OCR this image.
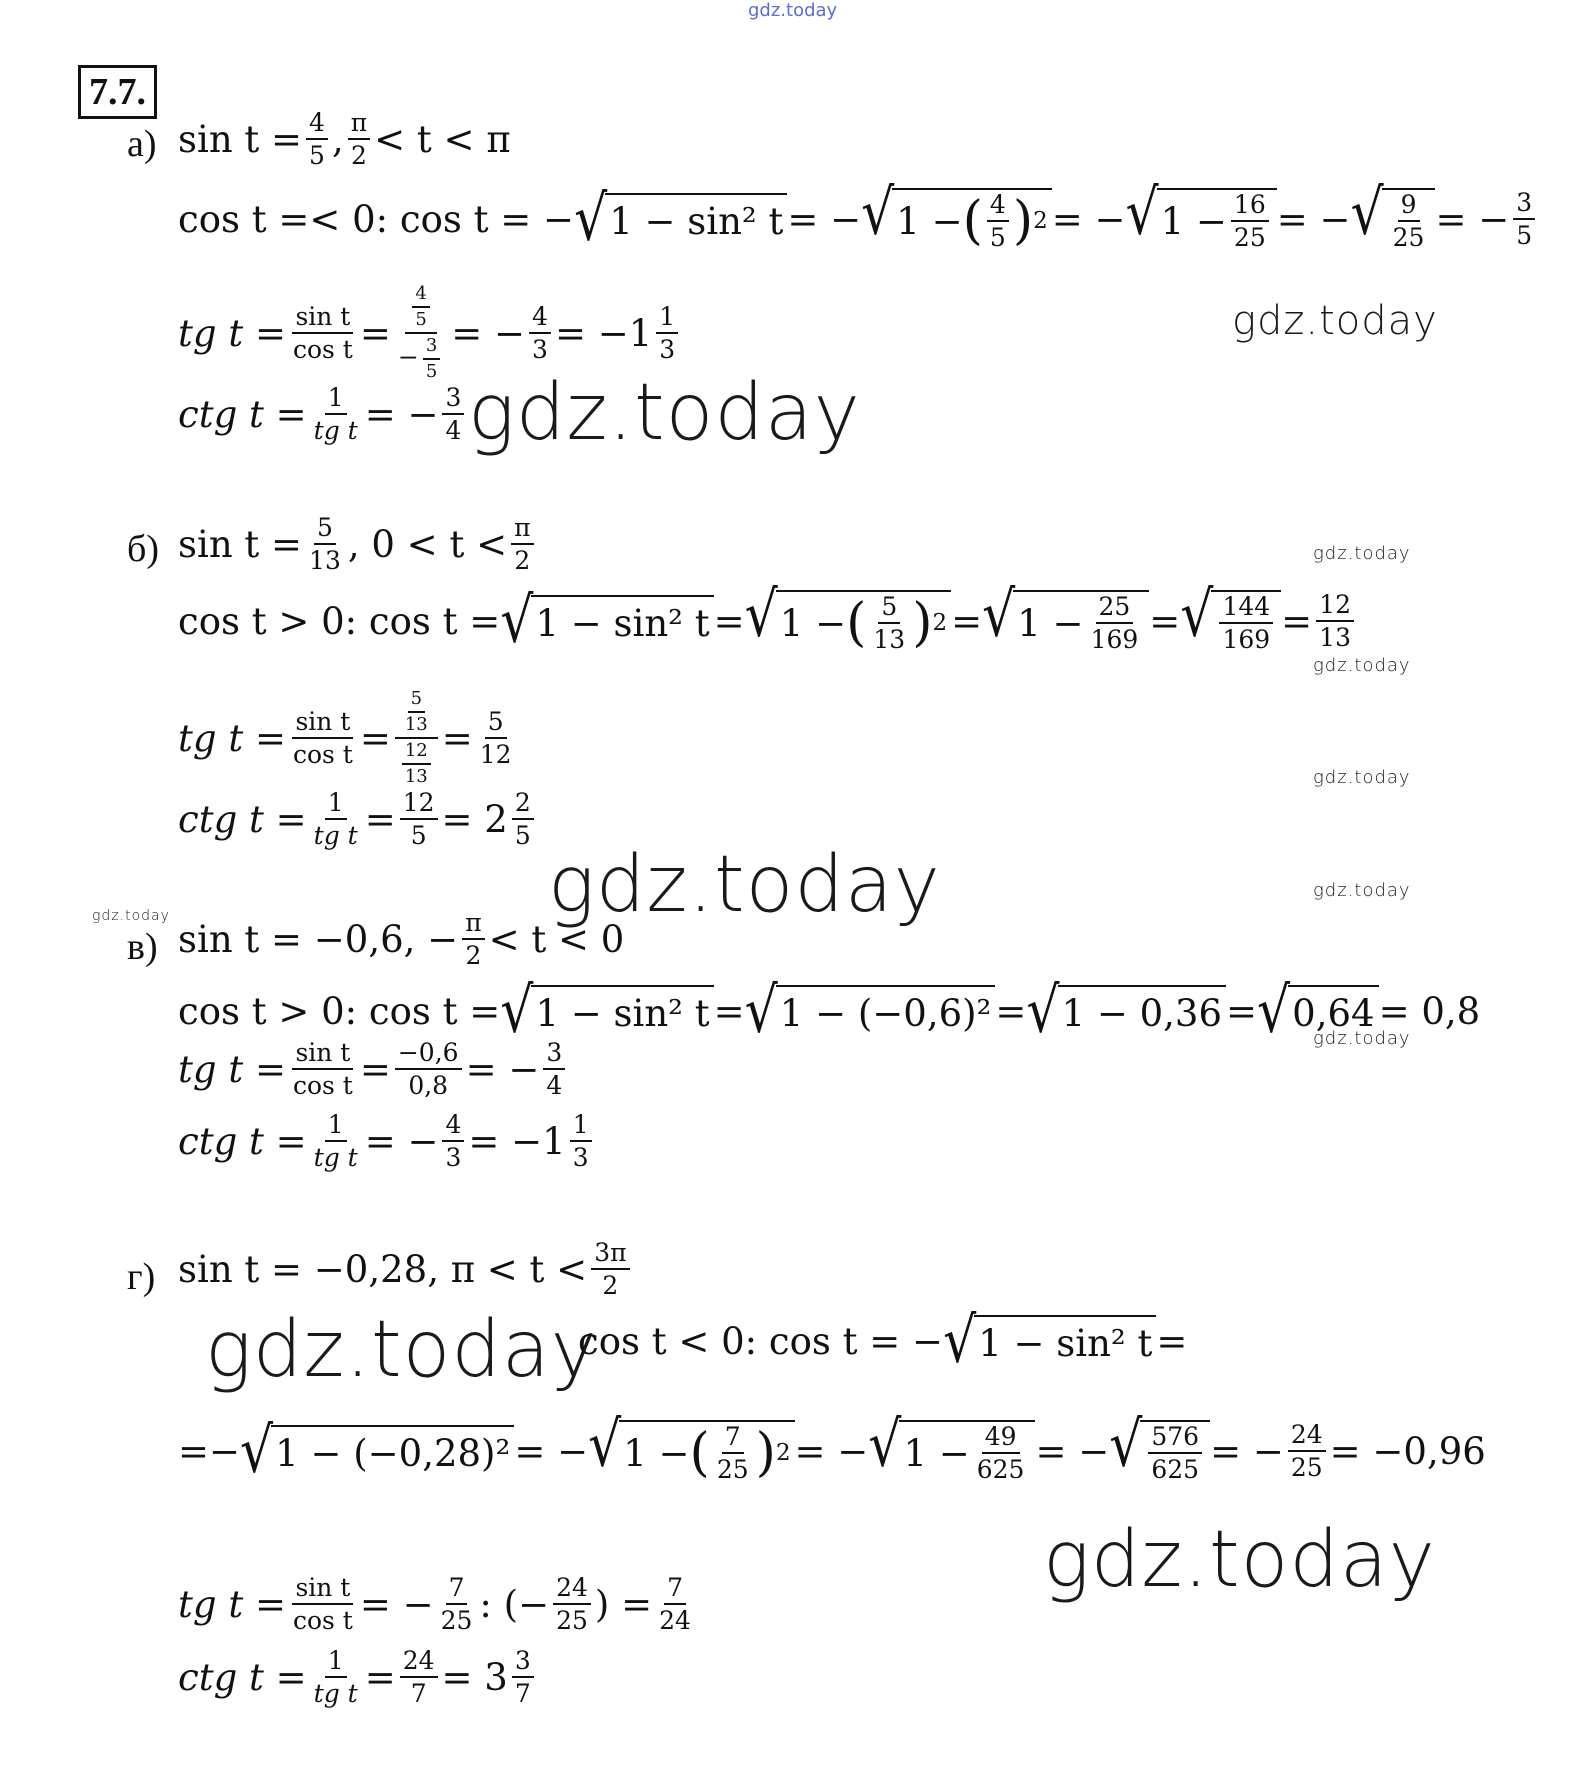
gdz.today
gdz.today
gdz.today
gdz.today
gdz.today
gdz.today
gdz.today
gdz.today
gdz.today
gdz.today
gdz.today
gdz.today
7.7.
а) $\sin t = \frac{4}{5}$ , $\frac{\pi}{2} < t < \pi$
cos t =< 0: cos t = − √ 1 − sin² t = − √ 1 − ( $\frac{4}{5}$ ) 2 = − √ $1 - \frac{16}{25}$ = − √ $\frac{9}{25}$ = − $\frac{3}{5}$
tg $t = \frac{\text{sin t}}{\text{cos t}} = \frac{\frac{4}{5}}{- \frac{3}{5}}$ = − $\frac{4}{3} = -1 \frac{1}{3}$
ctg $t = \frac{1}{\text{tg t}}$ = − $\frac{3}{4}$
б) $\sin t = \frac{5}{13}$ , $0 < t < \frac{\pi}{2}$
cos t > 0: cos t = √ 1 − sin² t = √ 1 − ( $\frac{5}{13}$ ) 2 = √ $1 - \frac{25}{169}$ = √ $\frac{144}{169} = \frac{12}{13}$
tg $t = \frac{\text{sin t}}{\text{cos t}} = \frac{\frac{5}{13}}{\frac{12}{13}} = \frac{5}{12}$
ctg $t = \frac{1}{\text{tg t}} = \frac{12}{5} = 2 \frac{2}{5}$
в) sin t = −0,6, − $\frac{\pi}{2} < t < 0$
cos t > 0: cos t = √ 1 − sin² t = √ 1 − (−0,6)² = √ 1 − 0,36 = √ 0,64 = 0,8
tg $t = \frac{\text{sin t}}{\text{cos t}} = \frac{-0,6}{0,8}$ = − $\frac{3}{4}$
ctg $t = \frac{1}{\text{tg t}}$ = − $\frac{4}{3} = -1 \frac{1}{3}$
г) sin t = −0,28, $\pi < t < \frac{3\pi}{2}$
cos t < 0: cos t = − √ 1 − sin² t =
=− √ 1 − (−0,28)² = − √ 1 − ( $\frac{7}{25}$ ) 2 = − √ $1 - \frac{49}{625}$ = − √ $\frac{576}{625}$ = − $\frac{24}{25} = -0,96$
tg $t = \frac{\text{sin t}}{\text{cos t}}$ = − $\frac{7}{25}$ : (− $\frac{24}{25}$ ) = $\frac{7}{24}$
ctg $t = \frac{1}{\text{tg t}} = \frac{24}{7} = 3 \frac{3}{7}$
